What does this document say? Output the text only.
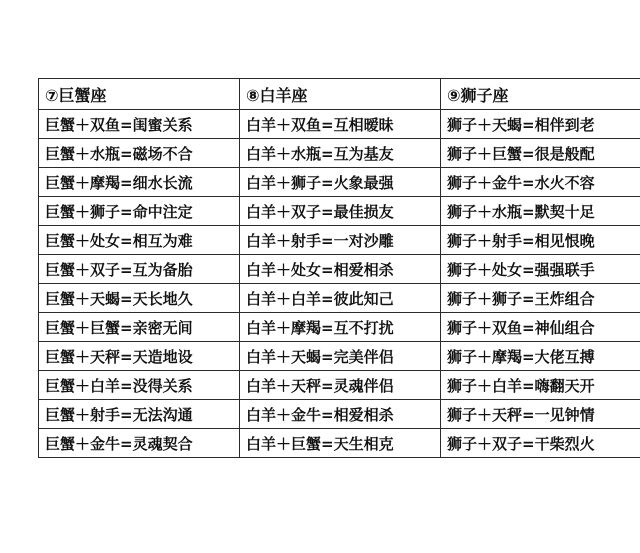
⑦巨蟹座	⑧白羊座	⑨狮子座
巨蟹＋双鱼=闺蜜关系	白羊＋双鱼=互相暧昧	狮子＋天蝎=相伴到老
巨蟹＋水瓶=磁场不合	白羊＋水瓶=互为基友	狮子＋巨蟹=很是般配
巨蟹＋摩羯=细水长流	白羊＋狮子=火象最强	狮子＋金牛=水火不容
巨蟹＋狮子=命中注定	白羊＋双子=最佳损友	狮子＋水瓶=默契十足
巨蟹＋处女=相互为难	白羊＋射手=一对沙雕	狮子＋射手=相见恨晚
巨蟹＋双子=互为备胎	白羊＋处女=相爱相杀	狮子＋处女=强强联手
巨蟹＋天蝎=天长地久	白羊＋白羊=彼此知己	狮子＋狮子=王炸组合
巨蟹＋巨蟹=亲密无间	白羊＋摩羯=互不打扰	狮子＋双鱼=神仙组合
巨蟹＋天秤=天造地设	白羊＋天蝎=完美伴侣	狮子＋摩羯=大佬互搏
巨蟹＋白羊=没得关系	白羊＋天秤=灵魂伴侣	狮子＋白羊=嗨翻天开
巨蟹＋射手=无法沟通	白羊＋金牛=相爱相杀	狮子＋天秤=一见钟情
巨蟹＋金牛=灵魂契合	白羊＋巨蟹=天生相克	狮子＋双子=干柴烈火
